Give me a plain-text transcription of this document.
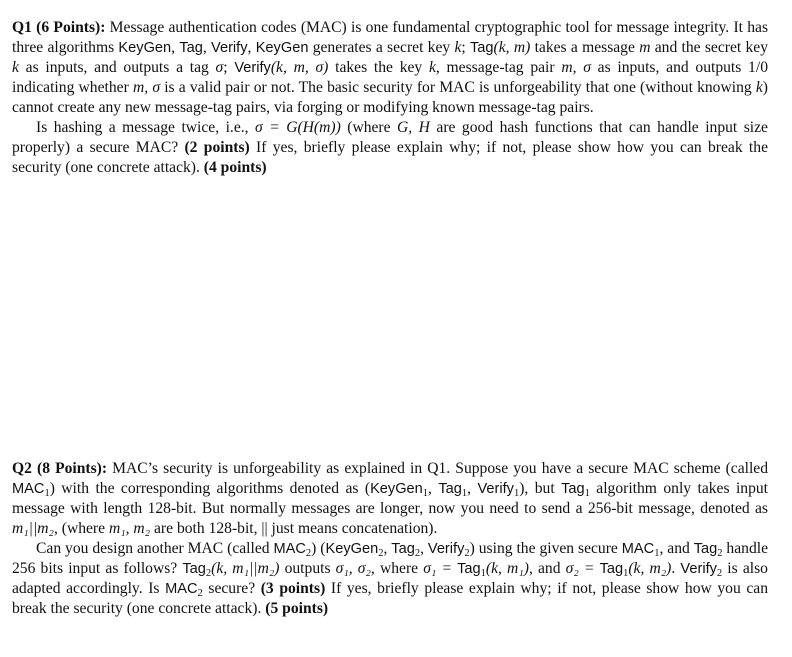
Q1 (6 Points): Message authentication codes (MAC) is one fundamental cryptographic tool for message integrity. It has three algorithms KeyGen, Tag, Verify, KeyGen generates a secret key k; Tag(k, m) takes a message m and the secret key k as inputs, and outputs a tag σ; Verify(k, m, σ) takes the key k, message-tag pair m, σ as inputs, and outputs 1/0 indicating whether m, σ is a valid pair or not. The basic security for MAC is unforgeability that one (without knowing k) cannot create any new message-tag pairs, via forging or modifying known message-tag pairs.

Is hashing a message twice, i.e., σ = G(H(m)) (where G, H are good hash functions that can handle input size properly) a secure MAC? (2 points) If yes, briefly please explain why; if not, please show how you can break the security (one concrete attack). (4 points)

Q2 (8 Points): MAC’s security is unforgeability as explained in Q1. Suppose you have a secure MAC scheme (called $MAC_1$) with the corresponding algorithms denoted as (KeyGen$_1$, Tag$_1$, Verify$_1$), but Tag$_1$ algorithm only takes input message with length 128-bit. But normally messages are longer, now you need to send a 256-bit message, denoted as m₁||m₂, (where m₁, m₂ are both 128-bit, || just means concatenation).

Can you design another MAC (called $MAC_2$) (KeyGen$_2$, Tag$_2$, Verify$_2$) using the given secure $MAC_1$, and Tag$_2$ handle 256 bits input as follows? Tag$_2$(k, m₁||m₂) outputs σ₁, σ₂, where σ₁ = Tag$_1$(k, m₁), and σ₂ = Tag$_1$(k, m₂). Verify$_2$ is also adapted accordingly. Is $MAC_2$ secure? (3 points) If yes, briefly please explain why; if not, please show how you can break the security (one concrete attack). (5 points)
